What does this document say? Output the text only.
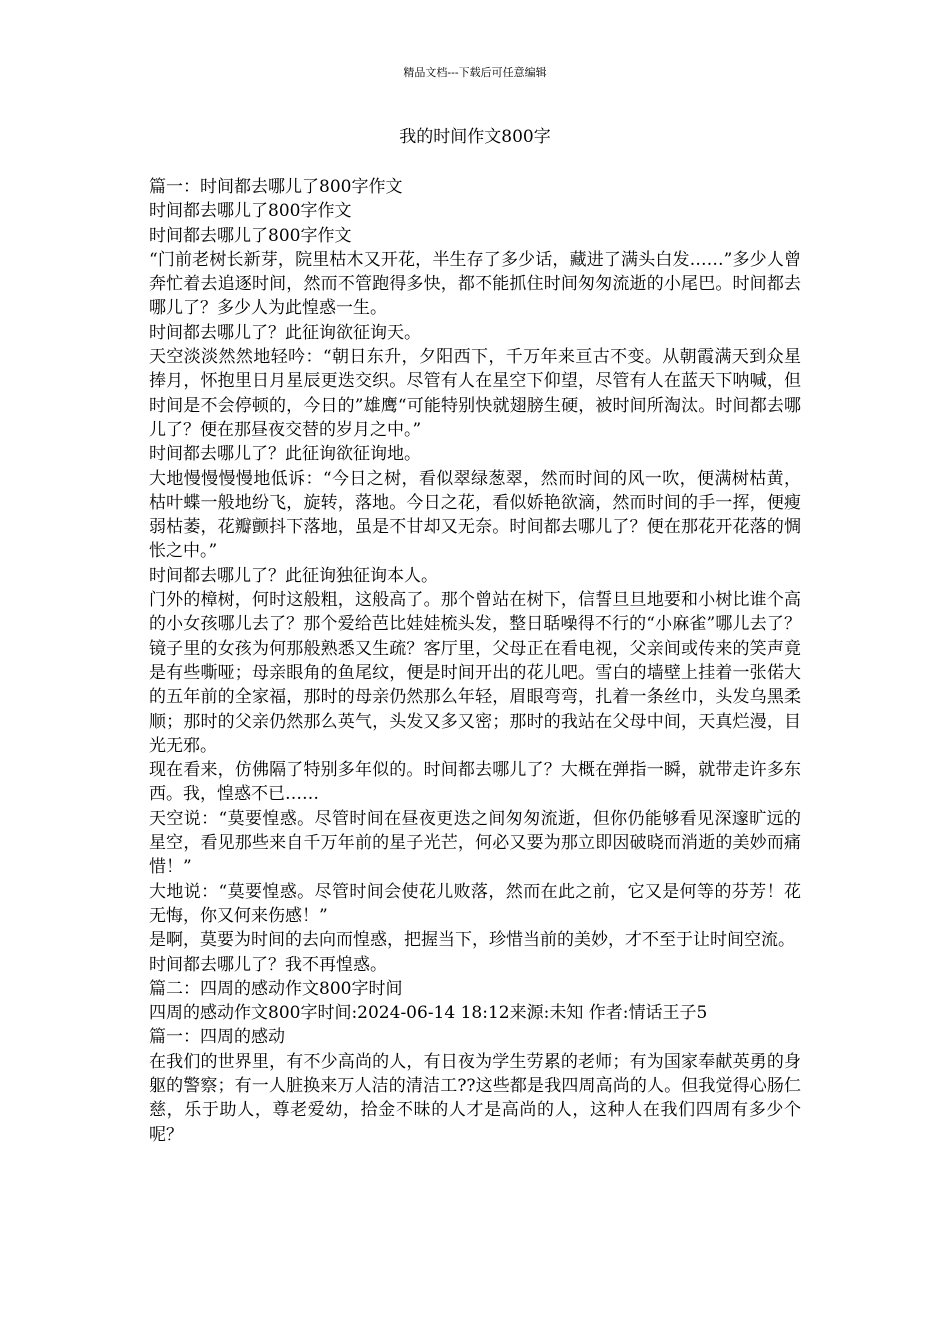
精品文档---下载后可任意编辑
我的时间作文800字

篇一：时间都去哪儿了800字作文

时间都去哪儿了800字作文

时间都去哪儿了800字作文

“门前老树长新芽，院里枯木又开花，半生存了多少话，藏进了满头白发……”多少人曾奔忙着去追逐时间，然而不管跑得多快，都不能抓住时间匆匆流逝的小尾巴。时间都去哪儿了？多少人为此惶惑一生。

时间都去哪儿了？此征询欲征询天。

天空淡淡然然地轻吟：“朝日东升，夕阳西下，千万年来亘古不变。从朝霞满天到众星捧月，怀抱里日月星辰更迭交织。尽管有人在星空下仰望，尽管有人在蓝天下呐喊，但时间是不会停顿的，今日的”雄鹰“可能特别快就翅膀生硬，被时间所淘汰。时间都去哪儿了？便在那昼夜交替的岁月之中。”

时间都去哪儿了？此征询欲征询地。

大地慢慢慢慢地低诉：“今日之树，看似翠绿葱翠，然而时间的风一吹，便满树枯黄，枯叶蝶一般地纷飞，旋转，落地。今日之花，看似娇艳欲滴，然而时间的手一挥，便瘦弱枯萎，花瓣颤抖下落地，虽是不甘却又无奈。时间都去哪儿了？便在那花开花落的惆怅之中。”

时间都去哪儿了？此征询独征询本人。

门外的樟树，何时这般粗，这般高了。那个曾站在树下，信誓旦旦地要和小树比谁个高的小女孩哪儿去了？那个爱给芭比娃娃梳头发，整日聒噪得不行的“小麻雀”哪儿去了？镜子里的女孩为何那般熟悉又生疏？客厅里，父母正在看电视，父亲间或传来的笑声竟是有些嘶哑；母亲眼角的鱼尾纹，便是时间开出的花儿吧。雪白的墙壁上挂着一张偌大的五年前的全家福，那时的母亲仍然那么年轻，眉眼弯弯，扎着一条丝巾，头发乌黑柔顺；那时的父亲仍然那么英气，头发又多又密；那时的我站在父母中间，天真烂漫，目光无邪。

现在看来，仿佛隔了特别多年似的。时间都去哪儿了？大概在弹指一瞬，就带走许多东西。我，惶惑不已……

天空说：“莫要惶惑。尽管时间在昼夜更迭之间匆匆流逝，但你仍能够看见深邃旷远的星空，看见那些来自千万年前的星子光芒，何必又要为那立即因破晓而消逝的美妙而痛惜！”

大地说：“莫要惶惑。尽管时间会使花儿败落，然而在此之前，它又是何等的芬芳！花无悔，你又何来伤感！”

是啊，莫要为时间的去向而惶惑，把握当下，珍惜当前的美妙，才不至于让时间空流。

时间都去哪儿了？我不再惶惑。

篇二：四周的感动作文800字时间

四周的感动作文800字时间:2024-06-14 18:12来源:未知 作者:情话王子5

篇一：四周的感动

在我们的世界里，有不少高尚的人，有日夜为学生劳累的老师；有为国家奉献英勇的身躯的警察；有一人脏换来万人洁的清洁工??这些都是我四周高尚的人。但我觉得心肠仁慈，乐于助人，尊老爱幼，拾金不昧的人才是高尚的人，这种人在我们四周有多少个呢？
